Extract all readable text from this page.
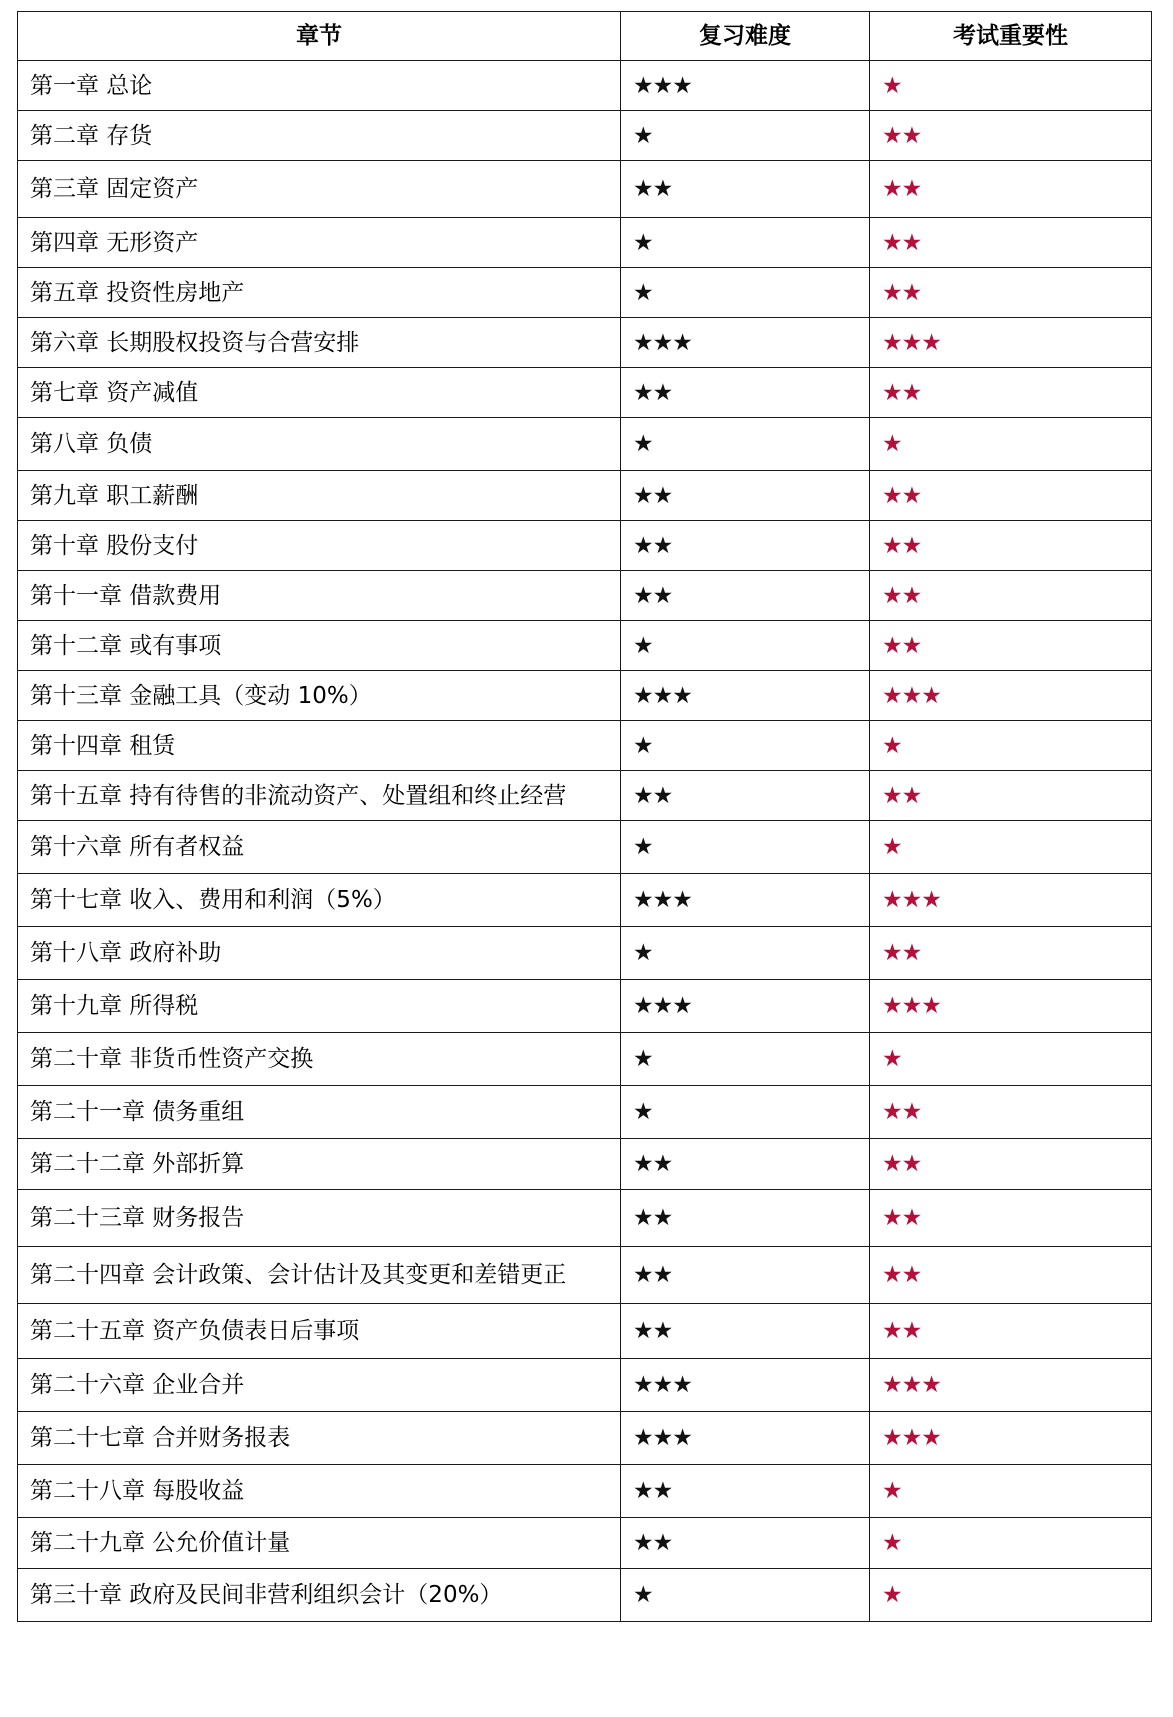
章节	复习难度	考试重要性
第一章 总论	★★★	★
第二章 存货	★	★★
第三章 固定资产	★★	★★
第四章 无形资产	★	★★
第五章 投资性房地产	★	★★
第六章 长期股权投资与合营安排	★★★	★★★
第七章 资产减值	★★	★★
第八章 负债	★	★
第九章 职工薪酬	★★	★★
第十章 股份支付	★★	★★
第十一章 借款费用	★★	★★
第十二章 或有事项	★	★★
第十三章 金融工具（变动 10%）	★★★	★★★
第十四章 租赁	★	★
第十五章 持有待售的非流动资产、处置组和终止经营	★★	★★
第十六章 所有者权益	★	★
第十七章 收入、费用和利润（5%）	★★★	★★★
第十八章 政府补助	★	★★
第十九章 所得税	★★★	★★★
第二十章 非货币性资产交换	★	★
第二十一章 债务重组	★	★★
第二十二章 外部折算	★★	★★
第二十三章 财务报告	★★	★★
第二十四章 会计政策、会计估计及其变更和差错更正	★★	★★
第二十五章 资产负债表日后事项	★★	★★
第二十六章 企业合并	★★★	★★★
第二十七章 合并财务报表	★★★	★★★
第二十八章 每股收益	★★	★
第二十九章 公允价值计量	★★	★
第三十章 政府及民间非营利组织会计（20%）	★	★
